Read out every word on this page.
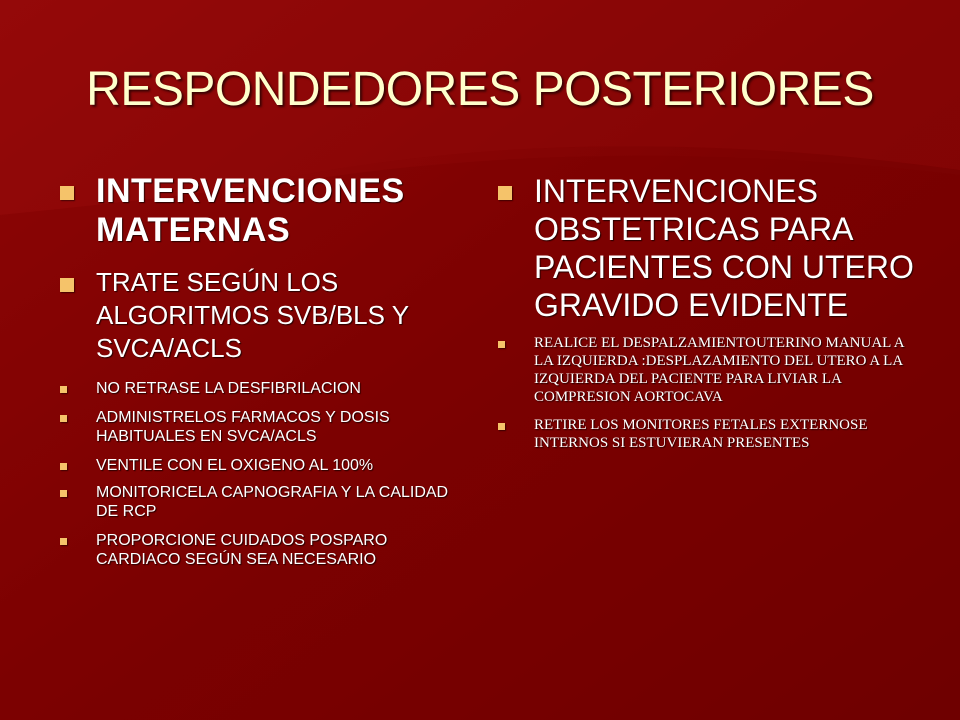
RESPONDEDORES POSTERIORES
INTERVENCIONES MATERNAS
TRATE SEGÚN LOS ALGORITMOS SVB/BLS Y SVCA/ACLS
NO RETRASE LA DESFIBRILACION
ADMINISTRELOS FARMACOS Y DOSIS HABITUALES EN SVCA/ACLS
VENTILE CON EL OXIGENO AL 100%
MONITORICELA CAPNOGRAFIA Y LA CALIDAD DE RCP
PROPORCIONE CUIDADOS POSPARO CARDIACO SEGÚN SEA NECESARIO
INTERVENCIONES OBSTETRICAS PARA PACIENTES CON UTERO GRAVIDO EVIDENTE
REALICE EL DESPALZAMIENTOUTERINO MANUAL A LA IZQUIERDA :DESPLAZAMIENTO DEL UTERO A LA IZQUIERDA DEL PACIENTE PARA LIVIAR LA COMPRESION AORTOCAVA
RETIRE LOS MONITORES FETALES EXTERNOSE INTERNOS SI ESTUVIERAN PRESENTES
